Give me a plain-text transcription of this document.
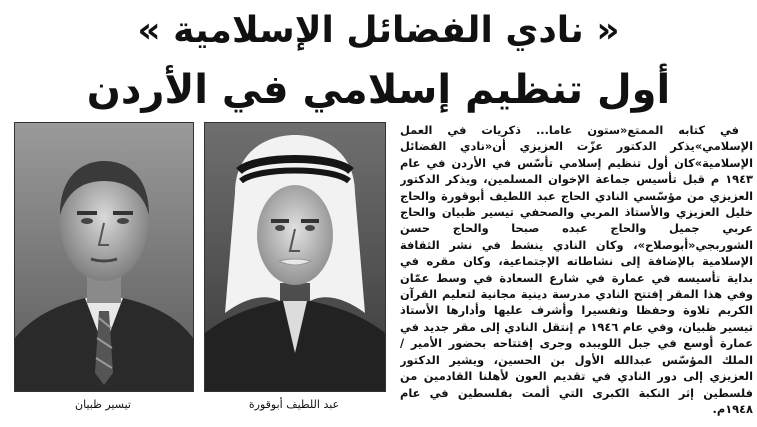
« نادي الفضائل الإسلامية »
أول تنظيم إسلامي في الأردن
تيسير ظبيان	عبد اللطيف أبوقورة

في كتابه الممتع«ستون عاما... ذكريات في العمل الإسلامي»يذكر الدكتور عزّت العزيزي أن«نادي الفضائل الإسلامية»كان أول تنظيم إسلامي تأسّس في الأردن في عام ١٩٤٣ م قبل تأسيس جماعة الإخوان المسلمين، ويذكر الدكتور العزيزي من مؤسّسي النادي الحاج عبد اللطيف أبوقورة والحاج خليل العزيزي والأستاذ المربي والصحفي تيسير ظبيان والحاج عربي جميل والحاج عبده صبحا والحاج حسن الشوربجي«أبوصلاح»، وكان النادي ينشط في نشر الثقافة الإسلامية بالإضافة إلى نشاطاته الإجتماعية، وكان مقره في بداية تأسيسه في عمارة في شارع السعادة في وسط عمّان وفي هذا المقر إفتتح النادي مدرسة دينية مجانية لتعليم القرآن الكريم تلاوة وحفظا وتفسيرا وأشرف عليها وأدارها الأستاذ تيسير ظبيان، وفي عام ١٩٤٦ م إنتقل النادي إلى مقر جديد في عمارة أوسع في جبل اللويبده وجرى إفتتاحه بحضور الأمير / الملك المؤسّس عبدالله الأول بن الحسين، ويشير الدكتور العزيزي إلى دور النادي في تقديم العون لأهلنا القادمين من فلسطين إثر النكبة الكبرى التي ألمت بفلسطين في عام ١٩٤٨م.
